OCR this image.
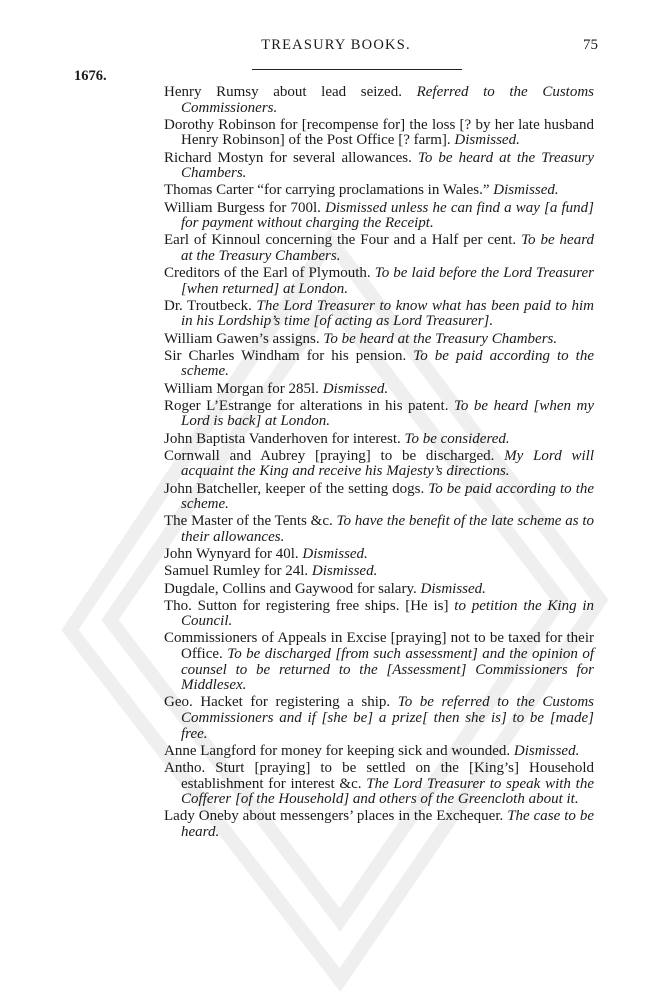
TREASURY BOOKS.	75
1676.

Henry Rumsy about lead seized. Referred to the Customs Commissioners.

Dorothy Robinson for [recompense for] the loss [? by her late husband Henry Robinson] of the Post Office [? farm]. Dismissed.

Richard Mostyn for several allowances. To be heard at the Treasury Chambers.

Thomas Carter “for carrying proclamations in Wales.” Dismissed.

William Burgess for 700l. Dismissed unless he can find a way [a fund] for payment without charging the Receipt.

Earl of Kinnoul concerning the Four and a Half per cent. To be heard at the Treasury Chambers.

Creditors of the Earl of Plymouth. To be laid before the Lord Treasurer [when returned] at London.

Dr. Troutbeck. The Lord Treasurer to know what has been paid to him in his Lordship’s time [of acting as Lord Treasurer].

William Gawen’s assigns. To be heard at the Treasury Chambers.

Sir Charles Windham for his pension. To be paid according to the scheme.

William Morgan for 285l. Dismissed.

Roger L’Estrange for alterations in his patent. To be heard [when my Lord is back] at London.

John Baptista Vanderhoven for interest. To be considered.

Cornwall and Aubrey [praying] to be discharged. My Lord will acquaint the King and receive his Majesty’s directions.

John Batcheller, keeper of the setting dogs. To be paid according to the scheme.

The Master of the Tents &c. To have the benefit of the late scheme as to their allowances.

John Wynyard for 40l. Dismissed.

Samuel Rumley for 24l. Dismissed.

Dugdale, Collins and Gaywood for salary. Dismissed.

Tho. Sutton for registering free ships. [He is] to petition the King in Council.

Commissioners of Appeals in Excise [praying] not to be taxed for their Office. To be discharged [from such assessment] and the opinion of counsel to be returned to the [Assessment] Commissioners for Middlesex.

Geo. Hacket for registering a ship. To be referred to the Customs Commissioners and if [she be] a prize[ then she is] to be [made] free.

Anne Langford for money for keeping sick and wounded. Dismissed.

Antho. Sturt [praying] to be settled on the [King’s] Household establishment for interest &c. The Lord Treasurer to speak with the Cofferer [of the Household] and others of the Greencloth about it.

Lady Oneby about messengers’ places in the Exchequer. The case to be heard.
